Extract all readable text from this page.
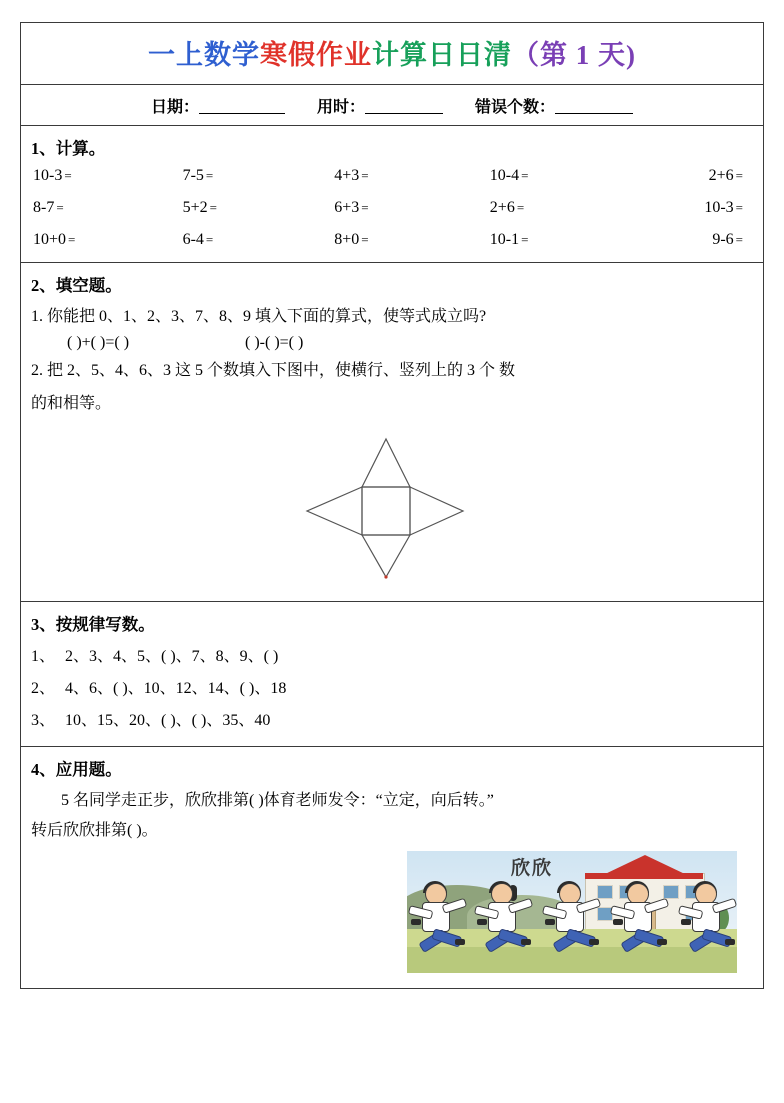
一上数学寒假作业计算日日清（第 1 天)
日期：	用时：	错误个数：
1、计算。
10-3 =	7-5 =	4+3 =	10-4 =	2+6 =
8-7 =	5+2 =	6+3 =	2+6 =	10-3 =
10+0 =	6-4 =	8+0 =	10-1 =	9-6 =
2、填空题。
1. 你能把 0、1、2、3、7、8、9 填入下面的算式，使等式成立吗?
( )+( )=( )	( )-( )=( )
2. 把 2、5、4、6、3 这 5 个数填入下图中，使横行、竖列上的 3 个 数
的和相等。
3、按规律写数。
1、 2、3、4、5、( )、7、8、9、( )
2、 4、6、( )、10、12、14、( )、18
3、 10、15、20、( )、( )、35、40
4、应用题。
5 名同学走正步，欣欣排第( )体育老师发令：“立定，向后转。”
转后欣欣排第( )。
欣欣
